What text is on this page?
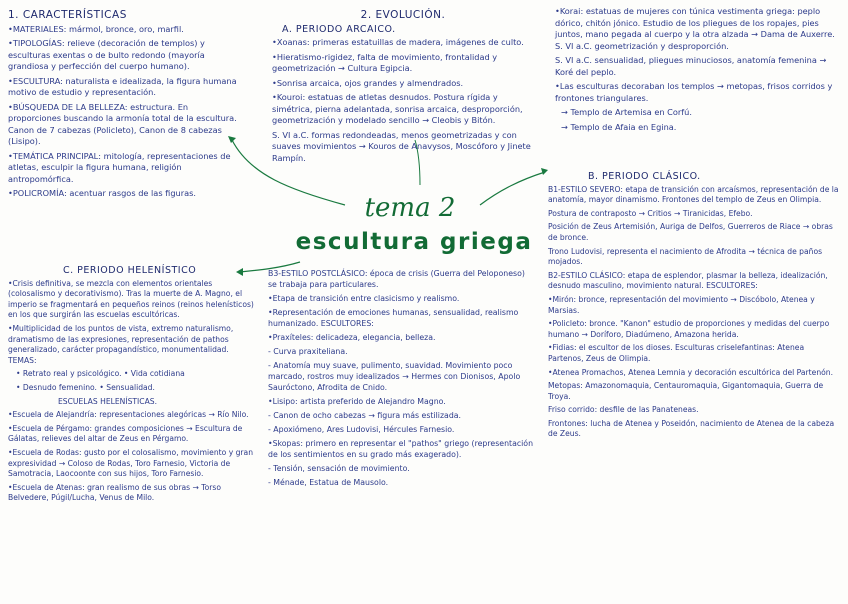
tema 2
escultura griega
1. CARACTERÍSTICAS

•MATERIALES: mármol, bronce, oro, marfil.

•TIPOLOGÍAS: relieve (decoración de templos) y esculturas exentas o de bulto redondo (mayoría grandiosa y perfección del cuerpo humano).

•ESCULTURA: naturalista e idealizada, la figura humana motivo de estudio y representación.

•BÚSQUEDA DE LA BELLEZA: estructura. En proporciones buscando la armonía total de la escultura. Canon de 7 cabezas (Policleto), Canon de 8 cabezas (Lisipo).

•TEMÁTICA PRINCIPAL: mitología, representaciones de atletas, esculpir la figura humana, religión antropomórfica.

•POLICROMÍA: acentuar rasgos de las figuras.

2. EVOLUCIÓN.
A. PERIODO ARCAICO.

•Xoanas: primeras estatuillas de madera, imágenes de culto.

•Hieratismo-rigidez, falta de movimiento, frontalidad y geometrización → Cultura Egipcia.

•Sonrisa arcaica, ojos grandes y almendrados.

•Kouroi: estatuas de atletas desnudos. Postura rígida y simétrica, pierna adelantada, sonrisa arcaica, desproporción, geometrización y modelado sencillo → Cleobis y Bitón.

S. VI a.C. formas redondeadas, menos geometrizadas y con suaves movimientos → Kouros de Anavysos, Moscóforo y Jinete Rampín.

•Korai: estatuas de mujeres con túnica vestimenta griega: peplo dórico, chitón jónico. Estudio de los pliegues de los ropajes, pies juntos, mano pegada al cuerpo y la otra alzada → Dama de Auxerre. S. VI a.C. geometrización y desproporción.

S. VI a.C. sensualidad, pliegues minuciosos, anatomía femenina → Koré del peplo.

•Las esculturas decoraban los templos → metopas, frisos corridos y frontones triangulares.

→ Templo de Artemisa en Corfú.

→ Templo de Afaia en Egina.

B. PERIODO CLÁSICO.

B1-ESTILO SEVERO: etapa de transición con arcaísmos, representación de la anatomía, mayor dinamismo. Frontones del templo de Zeus en Olimpia.

Postura de contraposto → Critios → Tiranicidas, Efebo.

Posición de Zeus Artemisión, Auriga de Delfos, Guerreros de Riace → obras de bronce.

Trono Ludovisi, representa el nacimiento de Afrodita → técnica de paños mojados.

B2-ESTILO CLÁSICO: etapa de esplendor, plasmar la belleza, idealización, desnudo masculino, movimiento natural. ESCULTORES:

•Mirón: bronce, representación del movimiento → Discóbolo, Atenea y Marsias.

•Policleto: bronce. "Kanon" estudio de proporciones y medidas del cuerpo humano → Doríforo, Diadúmeno, Amazona herida.

•Fidias: el escultor de los dioses. Esculturas criselefantinas: Atenea Partenos, Zeus de Olimpia.

•Atenea Promachos, Atenea Lemnia y decoración escultórica del Partenón.

Metopas: Amazonomaquia, Centauromaquia, Gigantomaquia, Guerra de Troya.

Friso corrido: desfile de las Panateneas.

Frontones: lucha de Atenea y Poseidón, nacimiento de Atenea de la cabeza de Zeus.

B3-ESTILO POSTCLÁSICO: época de crisis (Guerra del Peloponeso) se trabaja para particulares.

•Etapa de transición entre clasicismo y realismo.

•Representación de emociones humanas, sensualidad, realismo humanizado. ESCULTORES:

•Praxíteles: delicadeza, elegancia, belleza.

- Curva praxiteliana.

- Anatomía muy suave, pulimento, suavidad. Movimiento poco marcado, rostros muy idealizados → Hermes con Dionisos, Apolo Sauróctono, Afrodita de Cnido.

•Lisipo: artista preferido de Alejandro Magno.

- Canon de ocho cabezas → figura más estilizada.

- Apoxiómeno, Ares Ludovisi, Hércules Farnesio.

•Skopas: primero en representar el "pathos" griego (representación de los sentimientos en su grado más exagerado).

- Tensión, sensación de movimiento.

- Ménade, Estatua de Mausolo.

C. PERIODO HELENÍSTICO

•Crisis definitiva, se mezcla con elementos orientales (colosalismo y decorativismo). Tras la muerte de A. Magno, el imperio se fragmentará en pequeños reinos (reinos helenísticos) en los que surgirán las escuelas escultóricas.

•Multiplicidad de los puntos de vista, extremo naturalismo, dramatismo de las expresiones, representación de pathos generalizado, carácter propagandístico, monumentalidad. TEMAS:

• Retrato real y psicológico. • Vida cotidiana

• Desnudo femenino. • Sensualidad.

ESCUELAS HELENÍSTICAS.

•Escuela de Alejandría: representaciones alegóricas → Río Nilo.

•Escuela de Pérgamo: grandes composiciones → Escultura de Gálatas, relieves del altar de Zeus en Pérgamo.

•Escuela de Rodas: gusto por el colosalismo, movimiento y gran expresividad → Coloso de Rodas, Toro Farnesio, Victoria de Samotracia, Laocoonte con sus hijos, Toro Farnesio.

•Escuela de Atenas: gran realismo de sus obras → Torso Belvedere, Púgil/Lucha, Venus de Milo.
